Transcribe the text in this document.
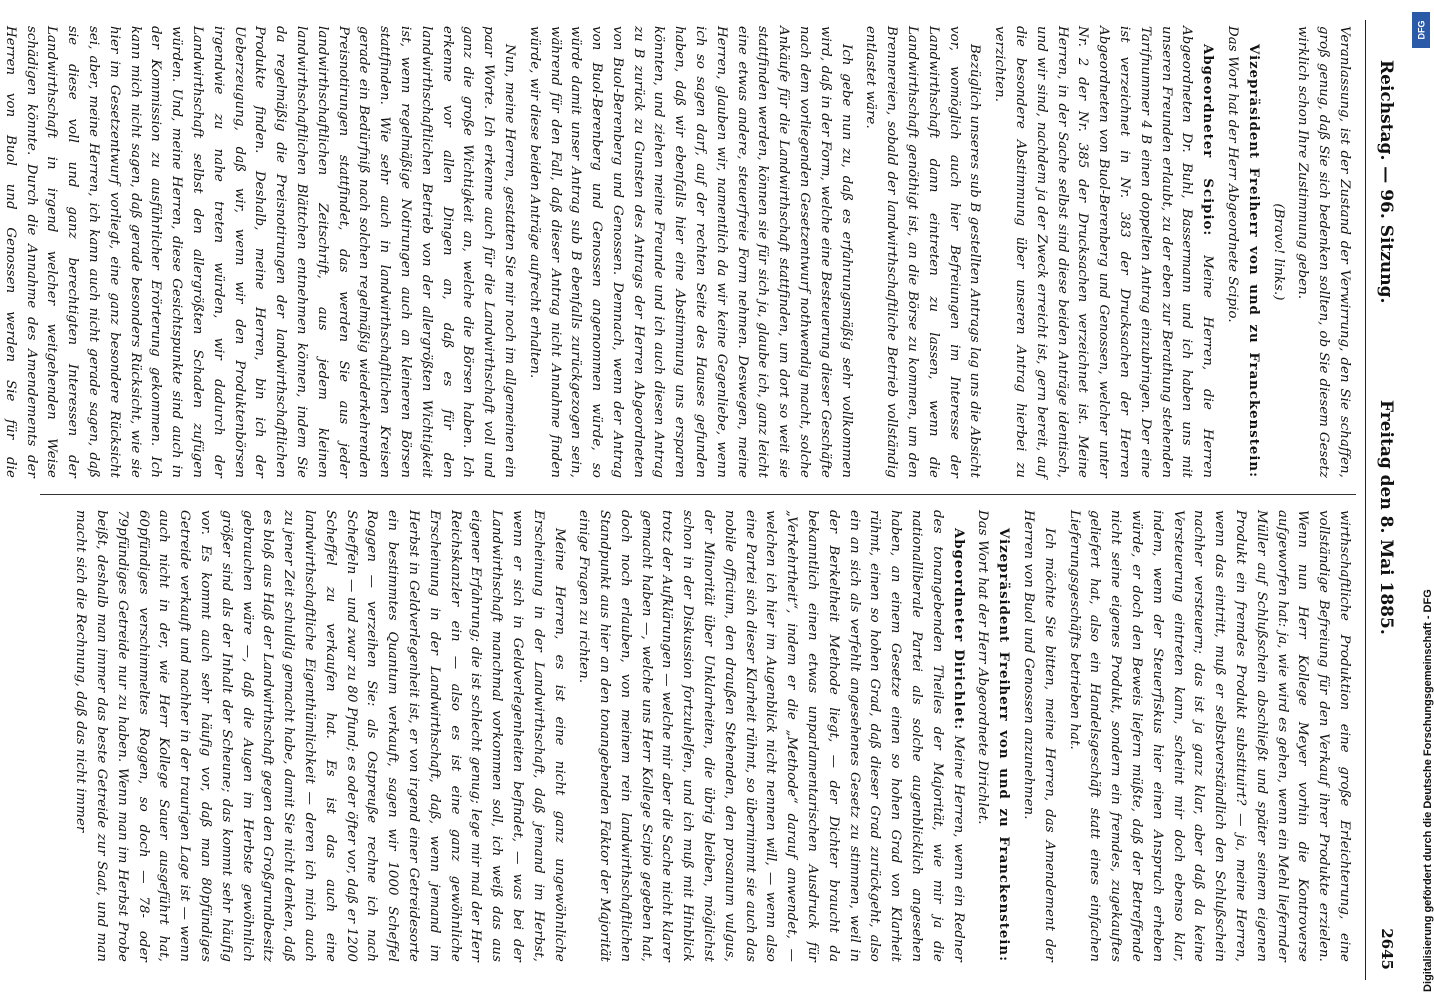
Reichstag. — 96. Sitzung.
Freitag den 8. Mai 1885.
2645

Veranlassung, ist der Zustand der Verwirrung, den Sie schaffen, groß genug, daß Sie sich bedenken sollten, ob Sie diesem Gesetz wirklich schon Ihre Zustimmung geben.

(Bravo! links.)

Vizepräsident Freiherr von und zu Franckenstein: Das Wort hat der Herr Abgeordnete Scipio.

Abgeordneter Scipio: Meine Herren, die Herren Abgeordneten Dr. Buhl, Bassermann und ich haben uns mit unseren Freunden erlaubt, zu der eben zur Berathung stehenden Tarifnummer 4 B einen doppelten Antrag einzubringen. Der eine ist verzeichnet in Nr. 383 der Drucksachen der Herren Abgeordneten von Buol-Berenberg und Genossen, welcher unter Nr. 2 der Nr. 385 der Drucksachen verzeichnet ist. Meine Herren, in der Sache selbst sind diese beiden Anträge identisch, und wir sind, nachdem ja der Zweck erreicht ist, gern bereit, auf die besondere Abstimmung über unseren Antrag hierbei zu verzichten.

Bezüglich unseres sub B gestellten Antrags lag uns die Absicht vor, womöglich auch hier Befreiungen im Interesse der Landwirthschaft dann eintreten zu lassen, wenn die Landwirthschaft genöthigt ist, an die Börse zu kommen, um den Brennereien, sobald der landwirthschaftliche Betrieb vollständig entlastet wäre.

Ich gebe nun zu, daß es erfahrungsmäßig sehr vollkommen wird, daß in der Form, welche eine Besteuerung dieser Geschäfte nach dem vorliegenden Gesetzentwurf nothwendig macht, solche Ankäufe für die Landwirthschaft stattfinden, um dort so weit sie stattfinden werden, können sie für sich ja, glaube ich, ganz leicht eine etwas andere, steuerfreie Form nehmen. Deswegen, meine Herren, glauben wir, namentlich da wir keine Gegenliebe, wenn ich so sagen darf, auf der rechten Seite des Hauses gefunden haben, daß wir ebenfalls hier eine Abstimmung uns ersparen könnten, und ziehen meine Freunde und ich auch diesen Antrag zu B zurück zu Gunsten des Antrags der Herren Abgeordneten von Buol-Berenberg und Genossen. Demnach, wenn der Antrag von Buol-Berenberg und Genossen angenommen würde, so würde damit unser Antrag sub B ebenfalls zurückgezogen sein, während für den Fall, daß dieser Antrag nicht Annahme finden würde, wir diese beiden Anträge aufrecht erhalten.

Nun, meine Herren, gestatten Sie mir noch im allgemeinen ein paar Worte. Ich erkenne auch für die Landwirthschaft voll und ganz die große Wichtigkeit an, welche die Börsen haben. Ich erkenne vor allen Dingen an, daß es für den landwirthschaftlichen Betrieb von der allergrößten Wichtigkeit ist, wenn regelmäßige Notirungen auch an kleineren Börsen stattfinden. Wie sehr auch in landwirthschaftlichen Kreisen gerade ein Bedürfniß nach solchen regelmäßig wiederkehrenden Preisnotirungen stattfindet, das werden Sie aus jeder landwirthschaftlichen Zeitschrift, aus jedem kleinen landwirthschaftlichen Blättchen entnehmen können, indem Sie da regelmäßig die Preisnotirungen der landwirthschaftlichen Produkte finden. Deshalb, meine Herren, bin ich der Ueberzeugung, daß wir, wenn wir den Produktenbörsen irgendwie zu nahe treten würden, wir dadurch der Landwirthschaft selbst den allergrößten Schaden zufügen würden. Und, meine Herren, diese Gesichtspunkte sind auch in der Kommission zu ausführlicher Erörterung gekommen. Ich kann mich nicht sagen, daß gerade besonders Rücksicht, wie sie hier im Gesetzentwurf vorliegt, eine ganz besondere Rücksicht sei, aber, meine Herren, ich kann auch nicht gerade sagen, daß sie diese voll und ganz berechtigten Interessen der Landwirthschaft in irgend welcher weitgehenden Weise schädigen könnte. Durch die Annahme des Amendements der Herren von Buol und Genossen werden Sie für die

wirthschaftliche Produktion eine große Erleichterung, eine vollständige Befreiung für den Verkauf ihrer Produkte erzielen. Wenn nun Herr Kollege Meyer vorhin die Kontroverse aufgeworfen hat: ja, wie wird es gehen, wenn ein Mehl liefernder Müller auf Schlußschein abschließt und später seinem eigenen Produkt ein fremdes Produkt substituirt? — ja, meine Herren, wenn das eintritt, muß er selbstverständlich den Schlußschein nachher versteuern; das ist ja ganz klar, aber daß da keine Versteuerung eintreten kann, scheint mir doch ebenso klar, indem, wenn der Steuerfiskus hier einen Anspruch erheben würde, er doch den Beweis liefern müßte, daß der Betreffende nicht seine eigenes Produkt, sondern ein fremdes, zugekauftes geliefert hat, also ein Handelsgeschäft statt eines einfachen Lieferungsgeschäfts betrieben hat.

Ich möchte Sie bitten, meine Herren, das Amendement der Herren von Buol und Genossen anzunehmen.

Vizepräsident Freiherr von und zu Franckenstein: Das Wort hat der Herr Abgeordnete Dirichlet.

Abgeordneter Dirichlet: Meine Herren, wenn ein Redner des tonangebenden Theiles der Majorität, wie mir ja die nationalliberale Partei als solche augenblicklich angesehen haben, an einem Gesetze einen so hohen Grad von Klarheit rühmt, einen so hohen Grad, daß dieser Grad zurückgeht, also ein an sich als verfehlt angesehenes Gesetz zu stimmen, weil in der Berkeltheit Methode liegt, — der Dichter braucht da bekanntlich einen etwas unparlamentarischen Ausdruck für „Verkehrtheit“, indem er die „Methode“ darauf anwendet, — welchen ich hier im Augenblick nicht nennen will, — wenn also eine Partei sich dieser Klarheit rühmt, so übernimmt sie auch das nobile officium, den draußen Stehenden, den prosanum vulgus, der Minorität über Unklarheiten, die übrig bleiben, möglichst schon in der Diskussion fortzuhelfen, und ich muß mit Hinblick trotz der Aufklärungen — welche mir aber die Sache nicht klarer gemacht haben —, welche uns Herr Kollege Scipio gegeben hat, doch noch erlauben, von meinem rein landwirthschaftlichen Standpunkt aus hier an den tonangebenden Faktor der Majorität einige Fragen zu richten.

Meine Herren, es ist eine nicht ganz ungewöhnliche Erscheinung in der Landwirthschaft, daß jemand im Herbst, wenn er sich in Geldverlegenheiten befindet, — was bei der Landwirthschaft manchmal vorkommen soll, ich weiß das aus eigener Erfahrung; die ist schlecht genug; lege mir mal der Herr Reichskanzler ein — also es ist eine ganz gewöhnliche Erscheinung in der Landwirthschaft, daß, wenn jemand im Herbst in Geldverlegenheit ist, er von irgend einer Getreidesorte ein bestimmtes Quantum verkauft, sagen wir 1000 Scheffel Roggen — verzeihen Sie: als Ostpreuße rechne ich nach Scheffeln — und zwar zu 80 Pfund; es oder öfter vor, daß er 1200 Scheffel zu verkaufen hat. Es ist das auch eine landwirthschaftliche Eigenthümlichkeit — deren ich mich auch zu jener Zeit schuldig gemacht habe, damit Sie nicht denken, daß es bloß aus Haß der Landwirthschaft gegen den Großgrundbesitz gebrauchen wäre —, daß die Augen im Herbste gewöhnlich größer sind als der Inhalt der Scheune; das kommt sehr häufig vor. Es kommt auch sehr häufig vor, daß man 80pfündiges Getreide verkauft und nachher in der traurigen Lage ist — wenn auch nicht in der, wie Herr Kollege Sauer ausgeführt hat, 60pfündiges verschimmeltes Roggen, so doch — 78- oder 79pfündiges Getreide nur zu haben. Wenn man im Herbst Probe beißt, deshalb man immer das beste Getreide zur Saat, und man macht sich die Rechnung, daß das nicht immer	Digitalisierung gefördert durch die Deutsche Forschungsgemeinschaft - DFG
DFG
